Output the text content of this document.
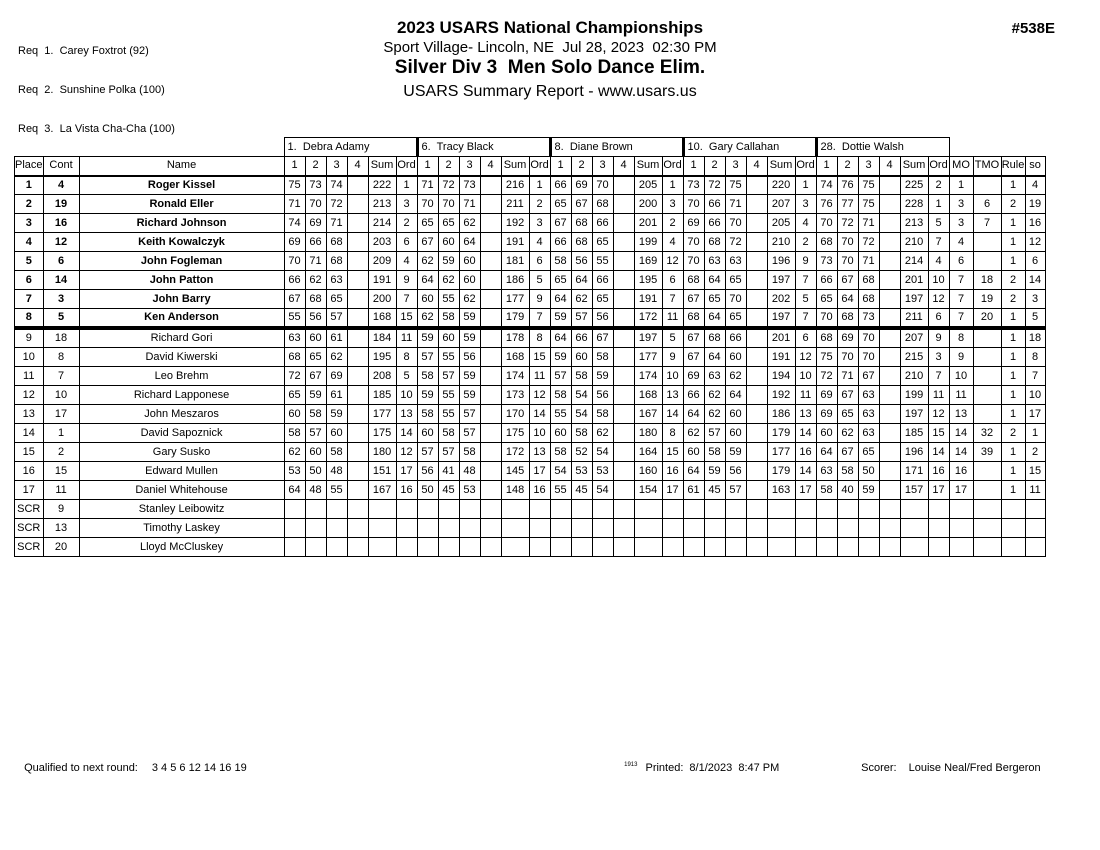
Req  1.  Carey Foxtrot (92)

Req  2.  Sunshine Polka (100)

Req  3.  La Vista Cha-Cha (100)

2023 USARS National Championships
Sport Village- Lincoln, NE  Jul 28, 2023  02:30 PM
Silver Div 3  Men Solo Dance Elim.
USARS Summary Report - www.usars.us
#538E
			1.  Debra Adamy						6.  Tracy Black						8.  Diane Brown						10.  Gary Callahan						28.  Dottie Walsh									
Place	Cont	Name	1	2	3	4	Sum	Ord	1	2	3	4	Sum	Ord	1	2	3	4	Sum	Ord	1	2	3	4	Sum	Ord	1	2	3	4	Sum	Ord	MO	TMO	Rule	so
1	4	Roger Kissel	75	73	74		222	1	71	72	73		216	1	66	69	70		205	1	73	72	75		220	1	74	76	75		225	2	1		1	4
2	19	Ronald Eller	71	70	72		213	3	70	70	71		211	2	65	67	68		200	3	70	66	71		207	3	76	77	75		228	1	3	6	2	19
3	16	Richard Johnson	74	69	71		214	2	65	65	62		192	3	67	68	66		201	2	69	66	70		205	4	70	72	71		213	5	3	7	1	16
4	12	Keith Kowalczyk	69	66	68		203	6	67	60	64		191	4	66	68	65		199	4	70	68	72		210	2	68	70	72		210	7	4		1	12
5	6	John Fogleman	70	71	68		209	4	62	59	60		181	6	58	56	55		169	12	70	63	63		196	9	73	70	71		214	4	6		1	6
6	14	John Patton	66	62	63		191	9	64	62	60		186	5	65	64	66		195	6	68	64	65		197	7	66	67	68		201	10	7	18	2	14
7	3	John Barry	67	68	65		200	7	60	55	62		177	9	64	62	65		191	7	67	65	70		202	5	65	64	68		197	12	7	19	2	3
8	5	Ken Anderson	55	56	57		168	15	62	58	59		179	7	59	57	56		172	11	68	64	65		197	7	70	68	73		211	6	7	20	1	5
9	18	Richard Gori	63	60	61		184	11	59	60	59		178	8	64	66	67		197	5	67	68	66		201	6	68	69	70		207	9	8		1	18
10	8	David Kiwerski	68	65	62		195	8	57	55	56		168	15	59	60	58		177	9	67	64	60		191	12	75	70	70		215	3	9		1	8
11	7	Leo Brehm	72	67	69		208	5	58	57	59		174	11	57	58	59		174	10	69	63	62		194	10	72	71	67		210	7	10		1	7
12	10	Richard Lapponese	65	59	61		185	10	59	55	59		173	12	58	54	56		168	13	66	62	64		192	11	69	67	63		199	11	11		1	10
13	17	John Meszaros	60	58	59		177	13	58	55	57		170	14	55	54	58		167	14	64	62	60		186	13	69	65	63		197	12	13		1	17
14	1	David Sapoznick	58	57	60		175	14	60	58	57		175	10	60	58	62		180	8	62	57	60		179	14	60	62	63		185	15	14	32	2	1
15	2	Gary Susko	62	60	58		180	12	57	57	58		172	13	58	52	54		164	15	60	58	59		177	16	64	67	65		196	14	14	39	1	2
16	15	Edward Mullen	53	50	48		151	17	56	41	48		145	17	54	53	53		160	16	64	59	56		179	14	63	58	50		171	16	16		1	15
17	11	Daniel Whitehouse	64	48	55		167	16	50	45	53		148	16	55	45	54		154	17	61	45	57		163	17	58	40	59		157	17	17		1	11
SCR	9	Stanley Leibowitz																																		
SCR	13	Timothy Laskey																																		
SCR	20	Lloyd McCluskey																																		

Qualified to next round: 3 4 5 6 12 14 16 19	$^{1913}$ Printed: 8/1/2023  8:47 PM	Scorer: Louise Neal/Fred Bergeron
